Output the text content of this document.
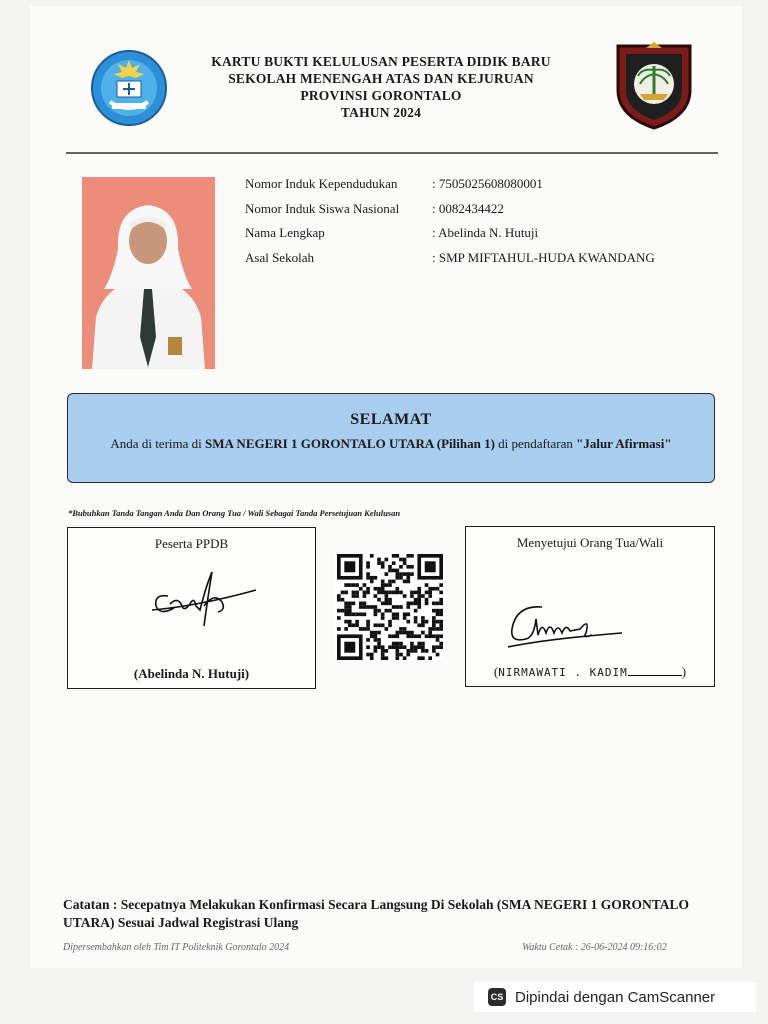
KARTU BUKTI KELULUSAN PESERTA DIDIK BARU
SEKOLAH MENENGAH ATAS DAN KEJURUAN
PROVINSI GORONTALO
TAHUN 2024
Nomor Induk Kependudukan
Nomor Induk Siswa Nasional
Nama Lengkap
Asal Sekolah
: 7505025608080001
: 0082434422
: Abelinda N. Hutuji
: SMP MIFTAHUL-HUDA KWANDANG
SELAMAT
Anda di terima di SMA NEGERI 1 GORONTALO UTARA (Pilihan 1) di pendaftaran "Jalur Afirmasi"
*Bubuhkan Tanda Tangan Anda Dan Orang Tua / Wali Sebagai Tanda Persetujuan Kelulusan
Peserta PPDB
(Abelinda N. Hutuji)
Menyetujui Orang Tua/Wali
(NIRMAWATI . KADIM	)
Catatan : Secepatnya Melakukan Konfirmasi Secara Langsung Di Sekolah (SMA NEGERI 1 GORONTALO UTARA) Sesuai Jadwal Registrasi Ulang
Dipersembahkan oleh Tim IT Politeknik Gorontalo 2024	Waktu Cetak : 26-06-2024 09:16:02
CS Dipindai dengan CamScanner
